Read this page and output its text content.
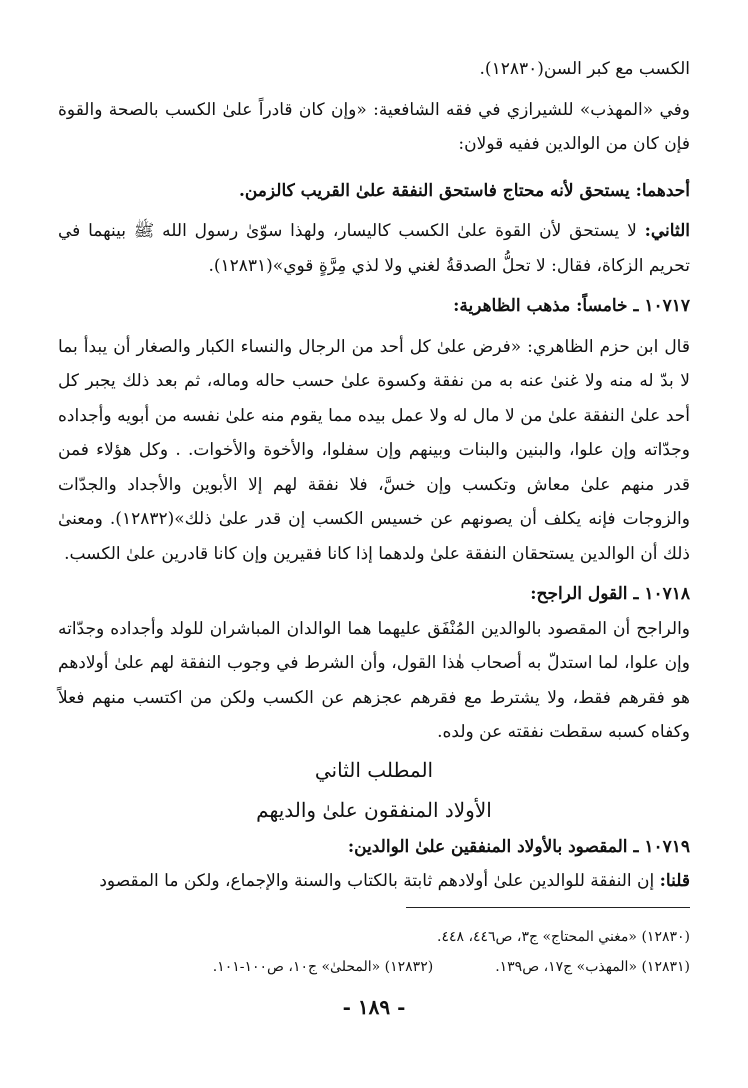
الكسب مع كبر السن(١٢٨٣٠).

وفي «المهذب» للشيرازي في فقه الشافعية: «وإن كان قادراً علىٰ الكسب بالصحة والقوة فإن كان من الوالدين ففيه قولان:

أحدهما: يستحق لأنه محتاج فاستحق النفقة علىٰ القريب كالزمن.

الثاني: لا يستحق لأن القوة علىٰ الكسب كاليسار، ولهذا سوّىٰ رسول الله ﷺ بينهما في تحريم الزكاة، فقال: لا تحلُّ الصدقةُ لغني ولا لذي مِرَّةٍ قوي»(١٢٨٣١).

١٠٧١٧ ـ خامساً: مذهب الظاهرية:

قال ابن حزم الظاهري: «فرض علىٰ كل أحد من الرجال والنساء الكبار والصغار أن يبدأ بما لا بدّ له منه ولا غنىٰ عنه به من نفقة وكسوة علىٰ حسب حاله وماله، ثم بعد ذلك يجبر كل أحد علىٰ النفقة علىٰ من لا مال له ولا عمل بيده مما يقوم منه علىٰ نفسه من أبويه وأجداده وجدّاته وإن علوا، والبنين والبنات وبينهم وإن سفلوا، والأخوة والأخوات. . وكل هؤلاء فمن قدر منهم علىٰ معاش وتكسب وإن خسَّ، فلا نفقة لهم إلا الأبوين والأجداد والجدّات والزوجات فإنه يكلف أن يصونهم عن خسيس الكسب إن قدر علىٰ ذلك»(١٢٨٣٢). ومعنىٰ ذلك أن الوالدين يستحقان النفقة علىٰ ولدهما إذا كانا فقيرين وإن كانا قادرين علىٰ الكسب.

١٠٧١٨ ـ القول الراجح:

والراجح أن المقصود بالوالدين المُنْفَق عليهما هما الوالدان المباشران للولد وأجداده وجدّاته وإن علوا، لما استدلّ به أصحاب هٰذا القول، وأن الشرط في وجوب النفقة لهم علىٰ أولادهم هو فقرهم فقط، ولا يشترط مع فقرهم عجزهم عن الكسب ولكن من اكتسب منهم فعلاً وكفاه كسبه سقطت نفقته عن ولده.

المطلب الثاني

الأولاد المنفقون علىٰ والديهم

١٠٧١٩ ـ المقصود بالأولاد المنفقين علىٰ الوالدين:

قلنا: إن النفقة للوالدين علىٰ أولادهم ثابتة بالكتاب والسنة والإجماع، ولكن ما المقصود

(١٢٨٣٠) «مغني المحتاج» ج٣، ص٤٤٦، ٤٤٨.
(١٢٨٣١) «المهذب» ج١٧، ص١٣٩.(١٢٨٣٢) «المحلىٰ» ج١٠، ص١٠٠-١٠١.
- ١٨٩ -
